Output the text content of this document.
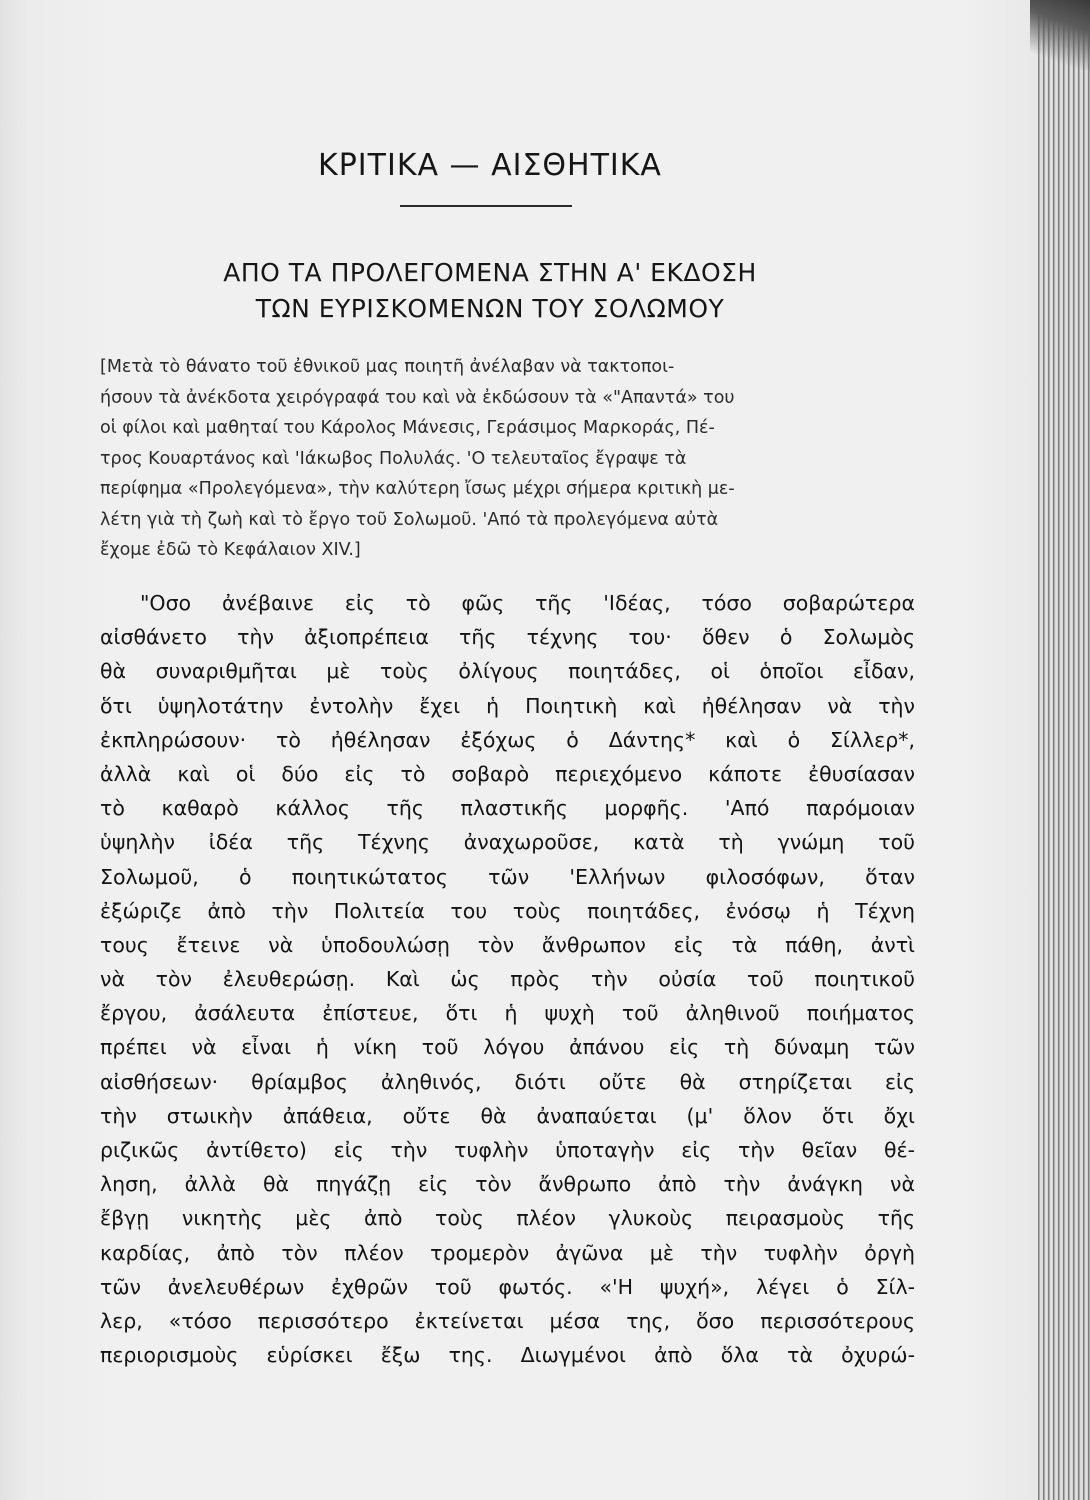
ΚΡΙΤΙΚΑ — ΑΙΣΘΗΤΙΚΑ
ΑΠΟ ΤΑ ΠΡΟΛΕΓΟΜΕΝΑ ΣΤΗΝ Α' ΕΚΔΟΣΗ
ΤΩΝ ΕΥΡΙΣΚΟΜΕΝΩΝ ΤΟΥ ΣΟΛΩΜΟΥ
[Μετὰ τὸ θάνατο τοῦ ἐθνικοῦ μας ποιητῆ ἀνέλαβαν νὰ τακτοποι-
ήσουν τὰ ἀνέκδοτα χειρόγραφά του καὶ νὰ ἐκδώσουν τὰ «"Απαντά» του
οἱ φίλοι καὶ μαθηταί του Κάρολος Μάνεσις, Γεράσιμος Μαρκοράς, Πέ-
τρος Κουαρτάνος καὶ 'Ιάκωβος Πολυλάς. 'Ο τελευταῖος ἔγραψε τὰ
περίφημα «Προλεγόμενα», τὴν καλύτερη ἴσως μέχρι σήμερα κριτικὴ με-
λέτη γιὰ τὴ ζωὴ καὶ τὸ ἔργο τοῦ Σολωμοῦ. 'Από τὰ προλεγόμενα αὐτὰ
ἔχομε ἐδῶ τὸ Κεφάλαιον XIV.]
"Οσο ἀνέβαινε εἰς τὸ φῶς τῆς 'Ιδέας, τόσο σοβαρώτερα
αἰσθάνετο τὴν ἀξιοπρέπεια τῆς τέχνης του· ὅθεν ὁ Σολωμὸς
θὰ συναριθμῆται μὲ τοὺς ὀλίγους ποιητάδες, οἱ ὁποῖοι εἶδαν,
ὅτι ὑψηλοτάτην ἐντολὴν ἔχει ἡ Ποιητικὴ καὶ ἠθέλησαν νὰ τὴν
ἐκπληρώσουν· τὸ ἠθέλησαν ἐξόχως ὁ Δάντης* καὶ ὁ Σίλλερ*,
ἀλλὰ καὶ οἱ δύο εἰς τὸ σοβαρὸ περιεχόμενο κάποτε ἐθυσίασαν
τὸ καθαρὸ κάλλος τῆς πλαστικῆς μορφῆς. 'Από παρόμοιαν
ὑψηλὴν ἰδέα τῆς Τέχνης ἀναχωροῦσε, κατὰ τὴ γνώμη τοῦ
Σολωμοῦ, ὁ ποιητικώτατος τῶν 'Ελλήνων φιλοσόφων, ὅταν
ἐξώριζε ἀπὸ τὴν Πολιτεία του τοὺς ποιητάδες, ἐνόσῳ ἡ Τέχνη
τους ἔτεινε νὰ ὑποδουλώσῃ τὸν ἄνθρωπον εἰς τὰ πάθη, ἀντὶ
νὰ τὸν ἐλευθερώσῃ. Καὶ ὡς πρὸς τὴν οὐσία τοῦ ποιητικοῦ
ἔργου, ἀσάλευτα ἐπίστευε, ὅτι ἡ ψυχὴ τοῦ ἀληθινοῦ ποιήματος
πρέπει νὰ εἶναι ἡ νίκη τοῦ λόγου ἀπάνου εἰς τὴ δύναμη τῶν
αἰσθήσεων· θρίαμβος ἀληθινός, διότι οὔτε θὰ στηρίζεται εἰς
τὴν στωικὴν ἀπάθεια, οὔτε θὰ ἀναπαύεται (μ' ὅλον ὅτι ὄχι
ριζικῶς ἀντίθετο) εἰς τὴν τυφλὴν ὑποταγὴν εἰς τὴν θεῖαν θέ-
ληση, ἀλλὰ θὰ πηγάζῃ εἰς τὸν ἄνθρωπο ἀπὸ τὴν ἀνάγκη νὰ
ἔβγῃ νικητὴς μὲς ἀπὸ τοὺς πλέον γλυκοὺς πειρασμοὺς τῆς
καρδίας, ἀπὸ τὸν πλέον τρομερὸν ἀγῶνα μὲ τὴν τυφλὴν ὀργὴ
τῶν ἀνελευθέρων ἐχθρῶν τοῦ φωτός. «'Η ψυχή», λέγει ὁ Σίλ-
λερ, «τόσο περισσότερο ἐκτείνεται μέσα της, ὅσο περισσότερους
περιορισμοὺς εὑρίσκει ἔξω της. Διωγμένοι ἀπὸ ὅλα τὰ ὀχυρώ-
